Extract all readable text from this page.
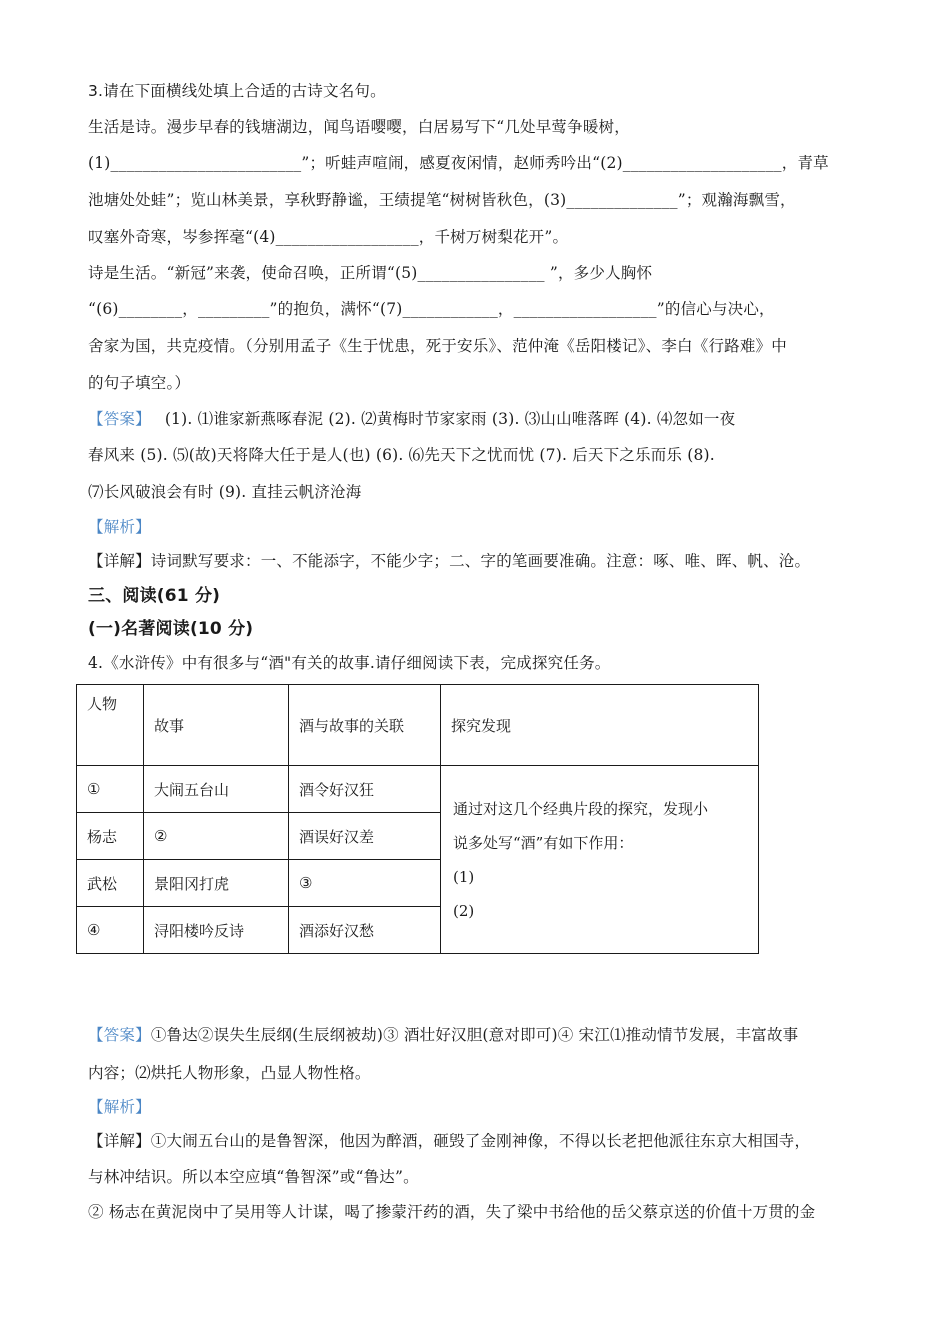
3.请在下面横线处填上合适的古诗文名句。
生活是诗。漫步早春的钱塘湖边，闻鸟语嘤嘤，白居易写下“几处早莺争暖树，
(1)________________________”；听蛙声喧闹，感夏夜闲情，赵师秀吟出“(2)____________________，青草
池塘处处蛙”；览山林美景，享秋野静谧，王绩提笔“树树皆秋色，(3)______________”；观瀚海飘雪，
叹塞外奇寒，岑参挥毫“(4)__________________，千树万树梨花开”。
诗是生活。“新冠”来袭，使命召唤，正所谓“(5)________________ ”，多少人胸怀
“(6)________，_________”的抱负，满怀“(7)____________，__________________”的信心与决心，
舍家为国，共克疫情。（分别用孟子《生于忧患，死于安乐》、范仲淹《岳阳楼记》、李白《行路难》中
的句子填空。）
【答案】 (1). ⑴谁家新燕啄春泥 (2). ⑵黄梅时节家家雨 (3). ⑶山山唯落晖 (4). ⑷忽如一夜
春风来 (5). ⑸(故)天将降大任于是人(也) (6). ⑹先天下之忧而忧 (7). 后天下之乐而乐 (8).
⑺长风破浪会有时 (9). 直挂云帆济沧海
【解析】
【详解】诗词默写要求：一、不能添字，不能少字；二、字的笔画要准确。注意：啄、唯、晖、帆、沧。
三、阅读(61 分)
(一)名著阅读(10 分)
4.《水浒传》中有很多与“酒"有关的故事.请仔细阅读下表，完成探究任务。
人物	故事	酒与故事的关联	探究发现
①	大闹五台山	酒令好汉狂	通过对这几个经典片段的探究，发现小
说多处写“酒”有如下作用：
(1)
(2)

杨志	②	酒误好汉差	
武松	景阳冈打虎	③	
④	浔阳楼吟反诗	酒添好汉愁	
【答案】①鲁达②误失生辰纲(生辰纲被劫)③ 酒壮好汉胆(意对即可)④ 宋江⑴推动情节发展，丰富故事
内容；⑵烘托人物形象，凸显人物性格。
【解析】
【详解】①大闹五台山的是鲁智深，他因为醉酒，砸毁了金刚神像，不得以长老把他派往东京大相国寺，
与林冲结识。所以本空应填“鲁智深”或“鲁达”。
② 杨志在黄泥岗中了吴用等人计谋，喝了掺蒙汗药的酒，失了梁中书给他的岳父蔡京送的价值十万贯的金
